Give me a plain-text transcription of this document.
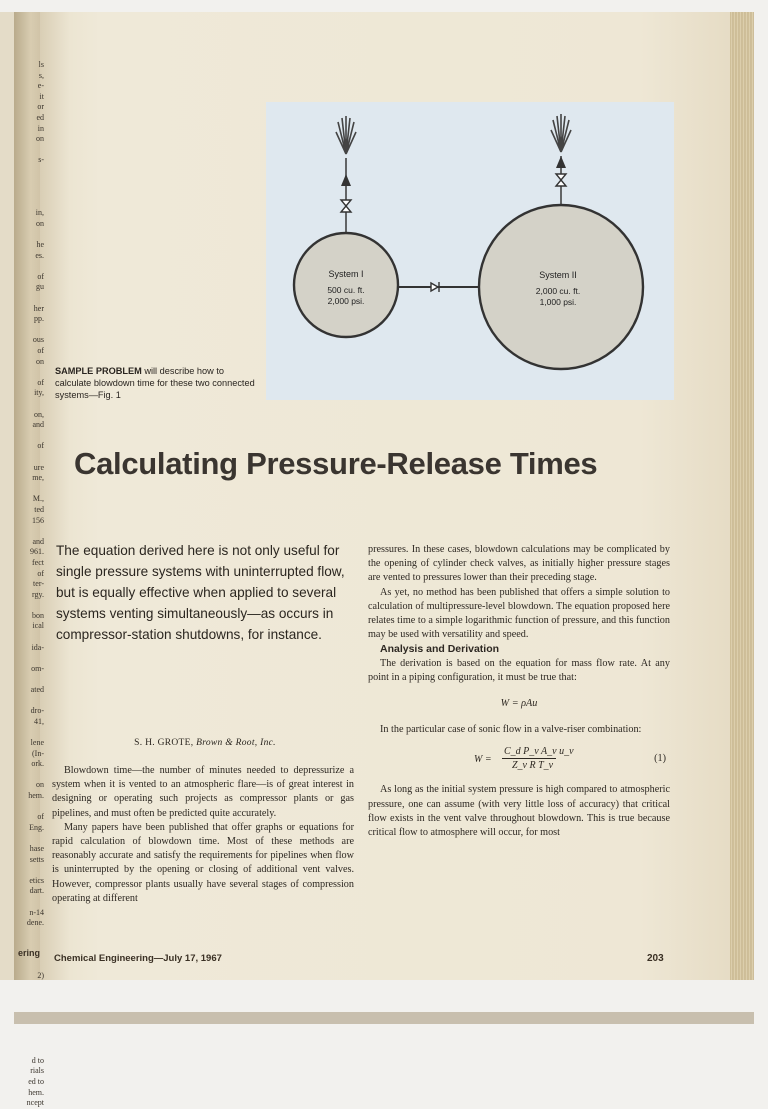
ls
s,
e-
it
or
ed
in
on
s-
in,
on
he
es.
of
gu
her
pp.
ous
of
on
of
ity,
on,
and
of
ure
me,
M.,
ted
156
and
961.
fect
of
ter-
rgy.
bon
ical
ida-
om-
ated
dro-
41,
lene
(In-
ork.
on
hem.
of
Eng.
hase
setts
etics
dart.
n-14
dene.
2)
d to
rials
ed to
hem.
ncept
ering
System I
500 cu. ft.
2,000 psi.
System II
2,000 cu. ft.
1,000 psi.
SAMPLE PROBLEM will describe how to calculate blowdown time for these two connected systems—Fig. 1
Calculating Pressure-Release Times
The equation derived here is not only useful for single pressure systems with uninterrupted flow, but is equally effective when applied to several systems venting simultaneously—as occurs in compressor-station shutdowns, for instance.
S. H. GROTE, Brown & Root, Inc.

Blowdown time—the number of minutes needed to depressurize a system when it is vented to an atmospheric flare—is of great interest in designing or operating such projects as compressor plants or gas pipelines, and must often be predicted quite accurately.

Many papers have been published that offer graphs or equations for rapid calculation of blowdown time. Most of these methods are reasonably accurate and satisfy the requirements for pipelines when flow is uninterrupted by the opening or closing of additional vent valves. However, compressor plants usually have several stages of compression operating at different

pressures. In these cases, blowdown calculations may be complicated by the opening of cylinder check valves, as initially higher pressure stages are vented to pressures lower than their preceding stage.

As yet, no method has been published that offers a simple solution to calculation of multipressure-level blowdown. The equation proposed here relates time to a simple logarithmic function of pressure, and this function may be used with versatility and speed.

Analysis and Derivation

The derivation is based on the equation for mass flow rate. At any point in a piping configuration, it must be true that:

W = ρAu

In the particular case of sonic flow in a valve-riser combination:

W =
C_d P_v A_v u_v
Z_v R T_v
(1)

As long as the initial system pressure is high compared to atmospheric pressure, one can assume (with very little loss of accuracy) that critical flow exists in the vent valve throughout blowdown. This is true because critical flow to atmosphere will occur, for most

Chemical Engineering—July 17, 1967	203
